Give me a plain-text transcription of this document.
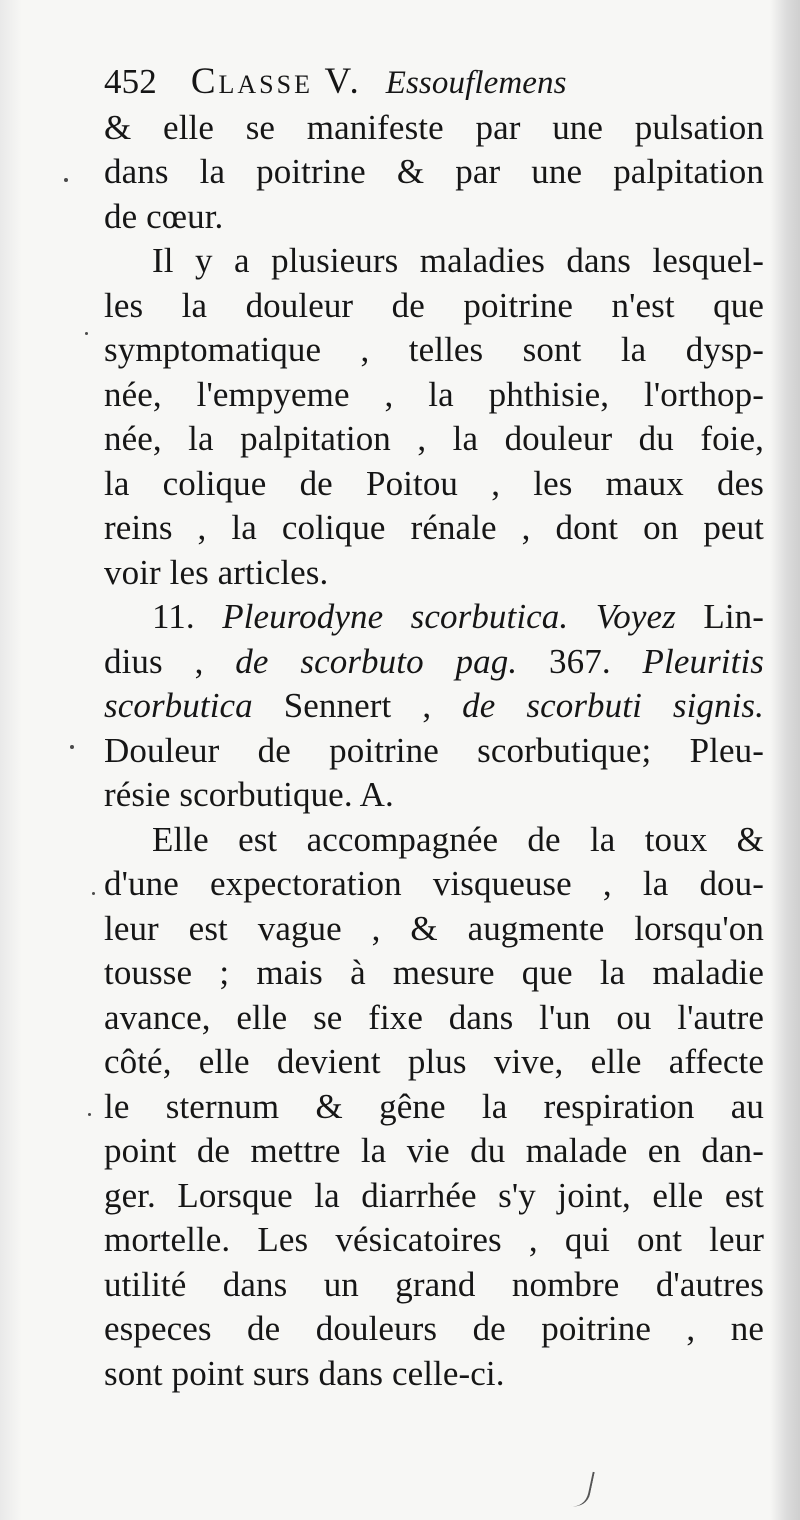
452 Classe V. Essouflemens
& elle se manifeste par une pulsation
dans la poitrine & par une palpitation
de cœur.
Il y a plusieurs maladies dans lesquel-
les la douleur de poitrine n'est que
symptomatique , telles sont la dysp-
née, l'empyeme , la phthisie, l'orthop-
née, la palpitation , la douleur du foie,
la colique de Poitou , les maux des
reins , la colique rénale , dont on peut
voir les articles.
11. Pleurodyne scorbutica. Voyez Lin-
dius , de scorbuto pag. 367. Pleuritis
scorbutica Sennert , de scorbuti signis.
Douleur de poitrine scorbutique; Pleu-
résie scorbutique. A.
Elle est accompagnée de la toux &
d'une expectoration visqueuse , la dou-
leur est vague , & augmente lorsqu'on
tousse ; mais à mesure que la maladie
avance, elle se fixe dans l'un ou l'autre
côté, elle devient plus vive, elle affecte
le sternum & gêne la respiration au
point de mettre la vie du malade en dan-
ger. Lorsque la diarrhée s'y joint, elle est
mortelle. Les vésicatoires , qui ont leur
utilité dans un grand nombre d'autres
especes de douleurs de poitrine , ne
sont point surs dans celle-ci.
